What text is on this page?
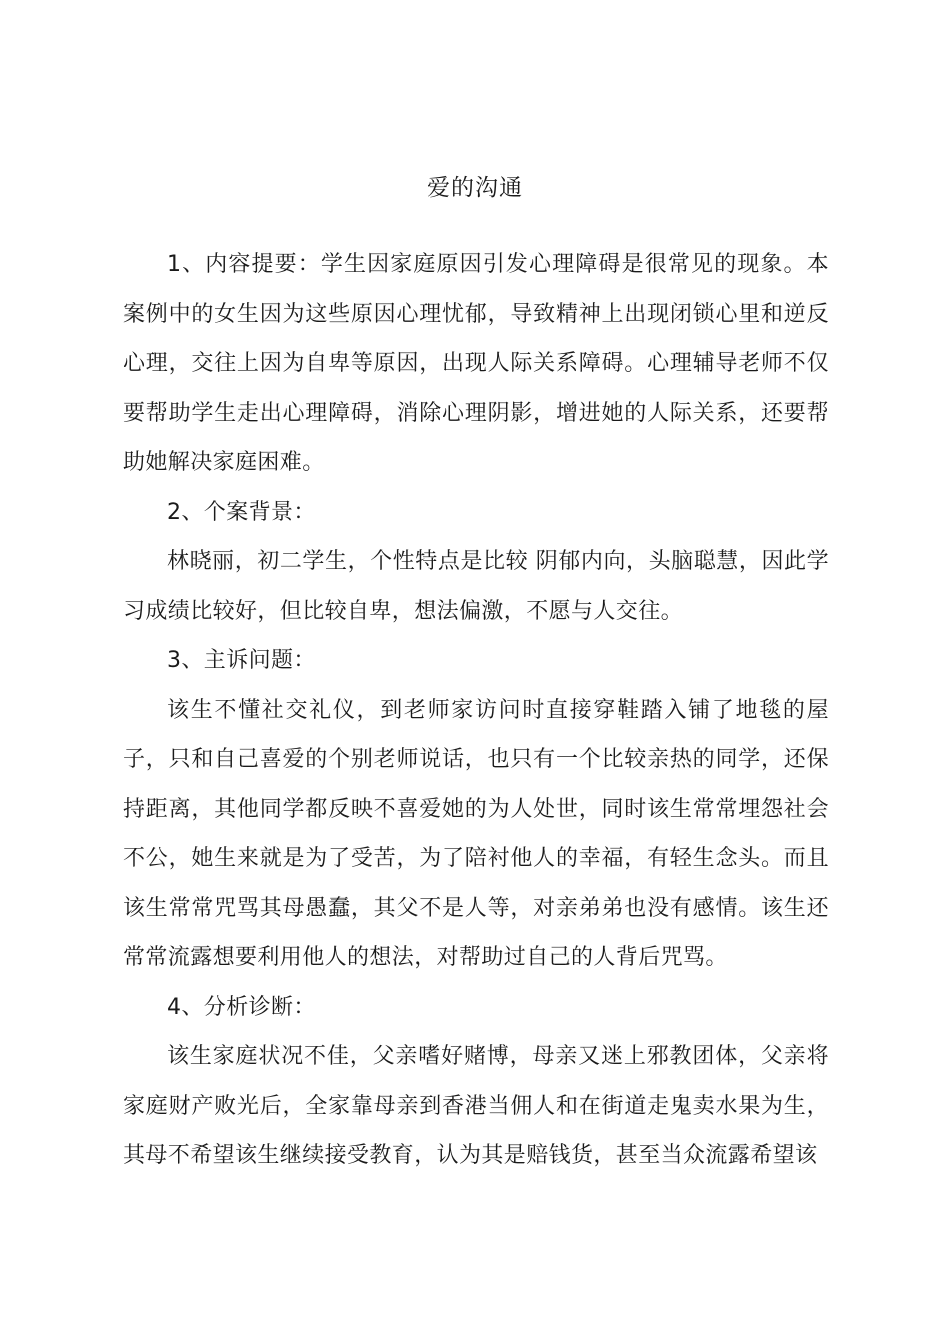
爱的沟通

1、内容提要：学生因家庭原因引发心理障碍是很常见的现象。本案例中的女生因为这些原因心理忧郁，导致精神上出现闭锁心里和逆反心理，交往上因为自卑等原因，出现人际关系障碍。心理辅导老师不仅要帮助学生走出心理障碍，消除心理阴影，增进她的人际关系，还要帮助她解决家庭困难。

2、个案背景：

林晓丽，初二学生，个性特点是比较 阴郁内向，头脑聪慧，因此学习成绩比较好，但比较自卑，想法偏激，不愿与人交往。

3、主诉问题：

该生不懂社交礼仪，到老师家访问时直接穿鞋踏入铺了地毯的屋子，只和自己喜爱的个别老师说话，也只有一个比较亲热的同学，还保持距离，其他同学都反映不喜爱她的为人处世，同时该生常常埋怨社会不公，她生来就是为了受苦，为了陪衬他人的幸福，有轻生念头。而且该生常常咒骂其母愚蠢，其父不是人等，对亲弟弟也没有感情。该生还常常流露想要利用他人的想法，对帮助过自己的人背后咒骂。

4、分析诊断：

该生家庭状况不佳，父亲嗜好赌博，母亲又迷上邪教团体，父亲将家庭财产败光后，全家靠母亲到香港当佣人和在街道走鬼卖水果为生，其母不希望该生继续接受教育，认为其是赔钱货，甚至当众流露希望该
